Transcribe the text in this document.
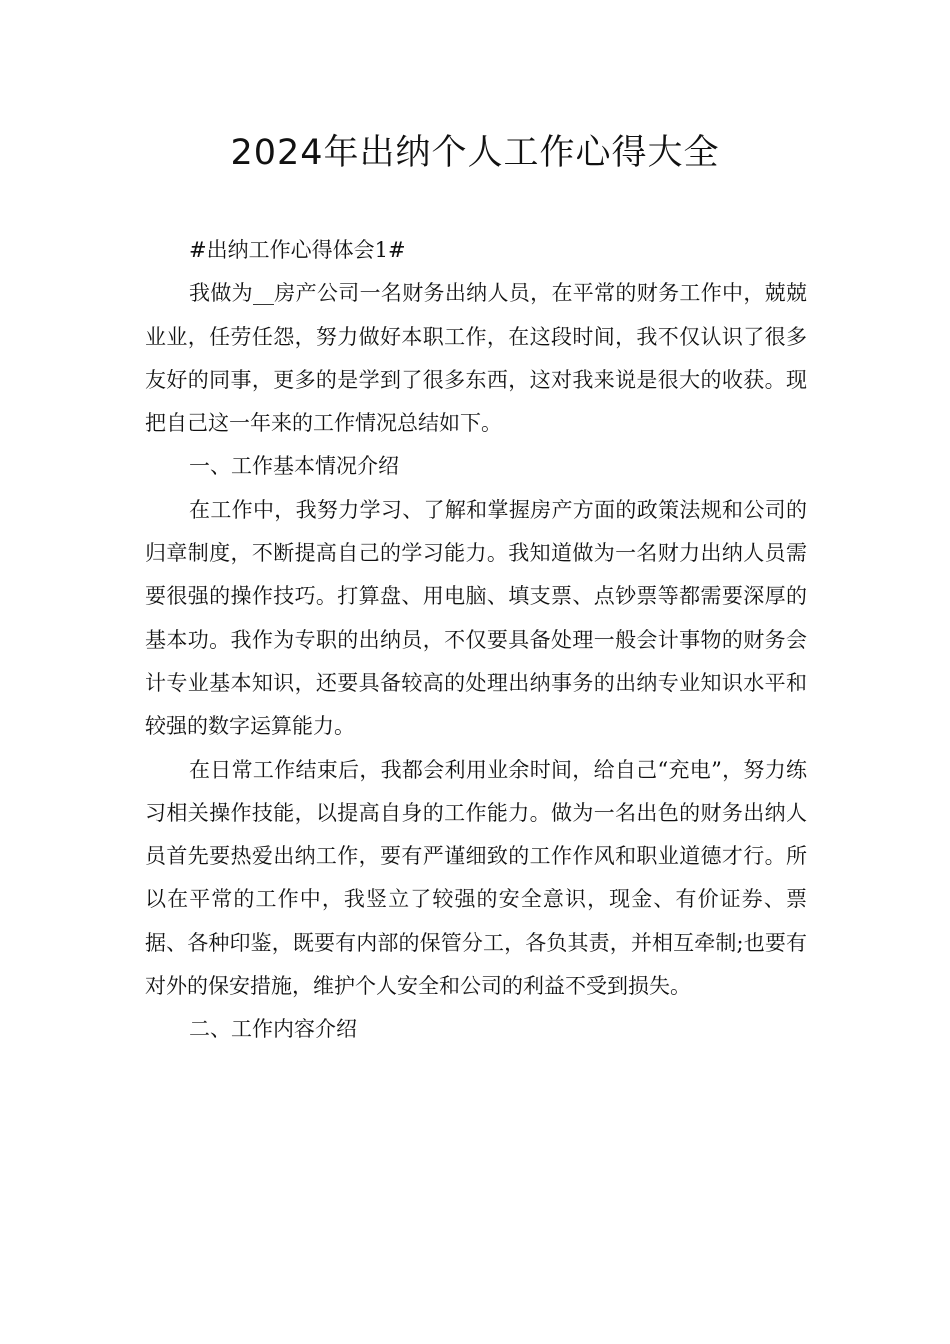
2024年出纳个人工作心得大全

#出纳工作心得体会1#

我做为__房产公司一名财务出纳人员，在平常的财务工作中，兢兢业业，任劳任怨，努力做好本职工作，在这段时间，我不仅认识了很多友好的同事，更多的是学到了很多东西，这对我来说是很大的收获。现把自己这一年来的工作情况总结如下。

一、工作基本情况介绍

在工作中，我努力学习、了解和掌握房产方面的政策法规和公司的归章制度，不断提高自己的学习能力。我知道做为一名财力出纳人员需要很强的操作技巧。打算盘、用电脑、填支票、点钞票等都需要深厚的基本功。我作为专职的出纳员，不仅要具备处理一般会计事物的财务会计专业基本知识，还要具备较高的处理出纳事务的出纳专业知识水平和较强的数字运算能力。

在日常工作结束后，我都会利用业余时间，给自己“充电”，努力练习相关操作技能，以提高自身的工作能力。做为一名出色的财务出纳人员首先要热爱出纳工作，要有严谨细致的工作作风和职业道德才行。所以在平常的工作中，我竖立了较强的安全意识，现金、有价证券、票据、各种印鉴，既要有内部的保管分工，各负其责，并相互牵制;也要有对外的保安措施，维护个人安全和公司的利益不受到损失。

二、工作内容介绍
